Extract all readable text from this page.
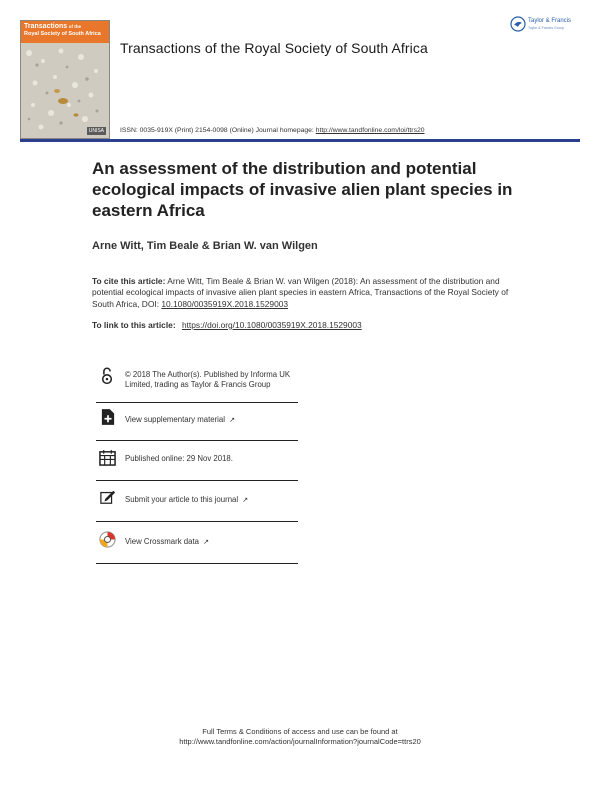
Transactions of the
Royal Society of South Africa
UNISA
Transactions of the Royal Society of South Africa
ISSN: 0035-919X (Print) 2154-0098 (Online) Journal homepage: http://www.tandfonline.com/loi/ttrs20
Taylor & Francis
Taylor & Francis Group
An assessment of the distribution and potential ecological impacts of invasive alien plant species in eastern Africa
Arne Witt, Tim Beale & Brian W. van Wilgen
To cite this article: Arne Witt, Tim Beale & Brian W. van Wilgen (2018): An assessment of the distribution and potential ecological impacts of invasive alien plant species in eastern Africa, Transactions of the Royal Society of South Africa, DOI: 10.1080/0035919X.2018.1529003
To link to this article: https://doi.org/10.1080/0035919X.2018.1529003
© 2018 The Author(s). Published by Informa UK Limited, trading as Taylor & Francis Group
View supplementary material ↗
Published online: 29 Nov 2018.
Submit your article to this journal ↗
View Crossmark data ↗
Full Terms & Conditions of access and use can be found at
http://www.tandfonline.com/action/journalInformation?journalCode=ttrs20
